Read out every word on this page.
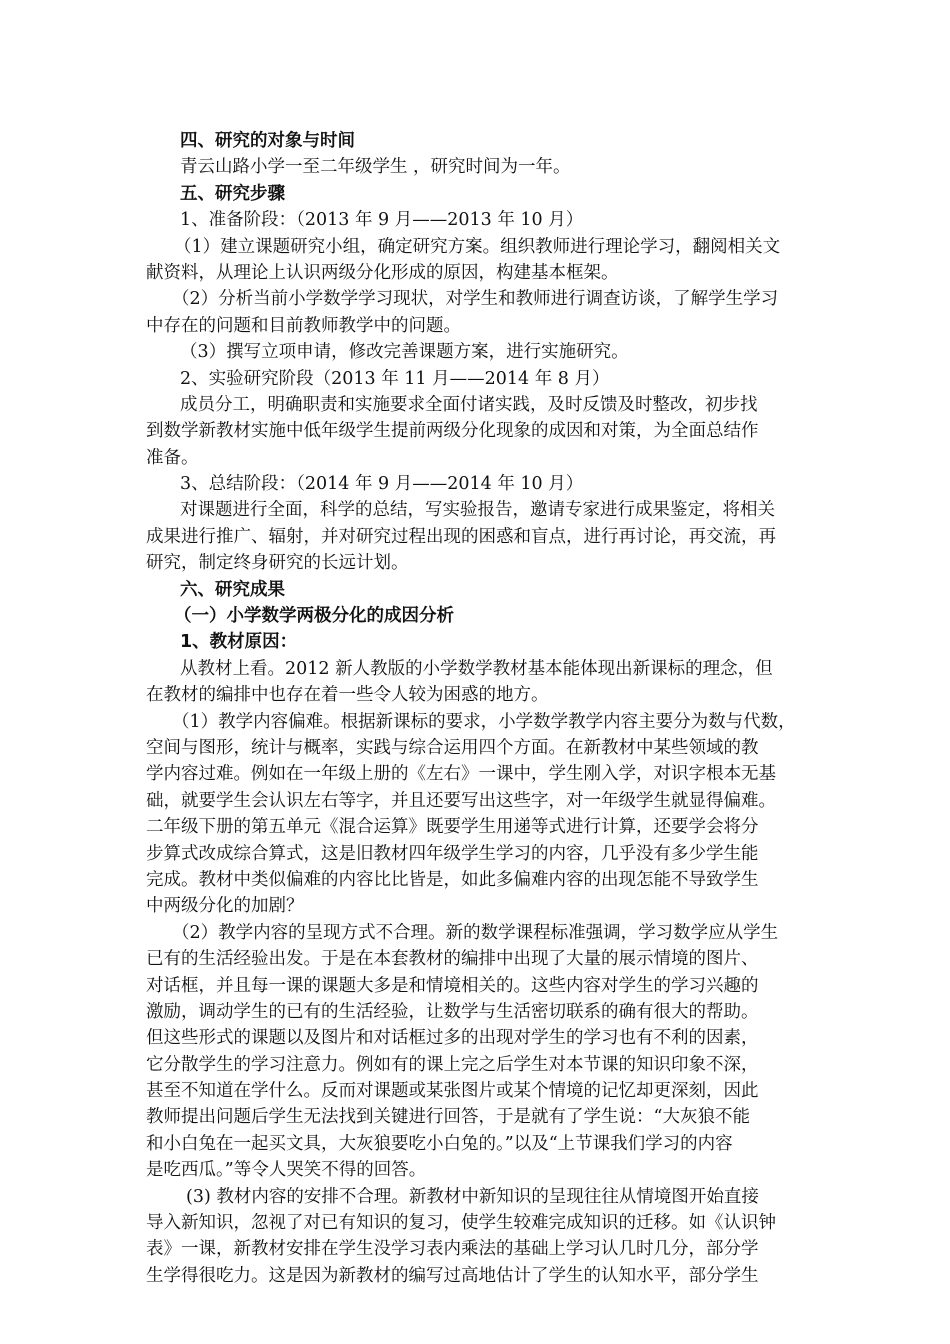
四、研究的对象与时间
青云山路小学一至二年级学生 ，研究时间为一年。
五、研究步骤
1、准备阶段：（2013 年 9 月——2013 年 10 月）
（1）建立课题研究小组，确定研究方案。组织教师进行理论学习，翻阅相关文
献资料，从理论上认识两级分化形成的原因，构建基本框架。
（2）分析当前小学数学学习现状，对学生和教师进行调查访谈，了解学生学习
中存在的问题和目前教师教学中的问题。
（3）撰写立项申请，修改完善课题方案，进行实施研究。
2、实验研究阶段（2013 年 11 月——2014 年 8 月）
成员分工，明确职责和实施要求全面付诸实践，及时反馈及时整改，初步找
到数学新教材实施中低年级学生提前两级分化现象的成因和对策，为全面总结作
准备。
3、总结阶段：（2014 年 9 月——2014 年 10 月）
对课题进行全面，科学的总结，写实验报告，邀请专家进行成果鉴定，将相关
成果进行推广、辐射，并对研究过程出现的困惑和盲点，进行再讨论，再交流，再
研究，制定终身研究的长远计划。
六、研究成果
（一）小学数学两极分化的成因分析
1、教材原因：
从教材上看。2012 新人教版的小学数学教材基本能体现出新课标的理念，但
在教材的编排中也存在着一些令人较为困惑的地方。
（1）教学内容偏难。根据新课标的要求，小学数学教学内容主要分为数与代数，
空间与图形，统计与概率，实践与综合运用四个方面。在新教材中某些领域的教
学内容过难。例如在一年级上册的《左右》一课中，学生刚入学，对识字根本无基
础，就要学生会认识左右等字，并且还要写出这些字，对一年级学生就显得偏难。
二年级下册的第五单元《混合运算》既要学生用递等式进行计算，还要学会将分
步算式改成综合算式，这是旧教材四年级学生学习的内容，几乎没有多少学生能
完成。教材中类似偏难的内容比比皆是，如此多偏难内容的出现怎能不导致学生
中两级分化的加剧？
（2）教学内容的呈现方式不合理。新的数学课程标准强调，学习数学应从学生
已有的生活经验出发。于是在本套教材的编排中出现了大量的展示情境的图片、
对话框，并且每一课的课题大多是和情境相关的。这些内容对学生的学习兴趣的
激励，调动学生的已有的生活经验，让数学与生活密切联系的确有很大的帮助。
但这些形式的课题以及图片和对话框过多的出现对学生的学习也有不利的因素，
它分散学生的学习注意力。例如有的课上完之后学生对本节课的知识印象不深，
甚至不知道在学什么。反而对课题或某张图片或某个情境的记忆却更深刻，因此
教师提出问题后学生无法找到关键进行回答，于是就有了学生说：“大灰狼不能
和小白兔在一起买文具，大灰狼要吃小白兔的。”以及“上节课我们学习的内容
是吃西瓜。”等令人哭笑不得的回答。
(3) 教材内容的安排不合理。新教材中新知识的呈现往往从情境图开始直接
导入新知识，忽视了对已有知识的复习，使学生较难完成知识的迁移。如《认识钟
表》一课，新教材安排在学生没学习表内乘法的基础上学习认几时几分，部分学
生学得很吃力。这是因为新教材的编写过高地估计了学生的认知水平，部分学生
